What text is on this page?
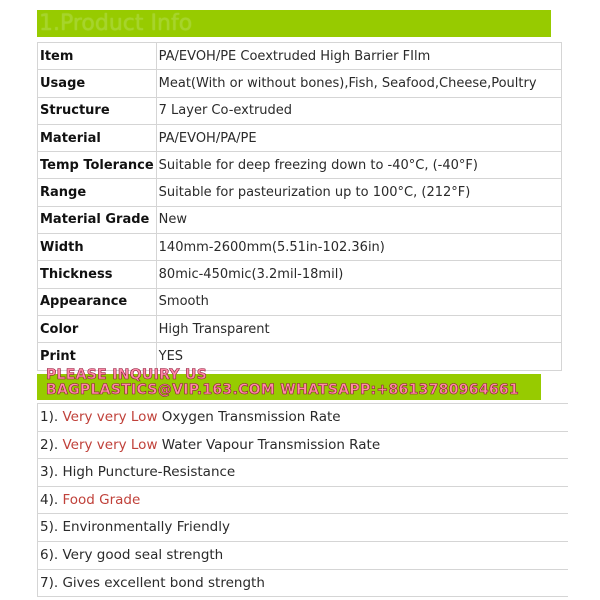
1.Product Info
Item	PA/EVOH/PE Coextruded High Barrier FIlm
Usage	Meat(With or without bones),Fish, Seafood,Cheese,Poultry
Structure	7 Layer Co-extruded
Material	PA/EVOH/PA/PE
Temp Tolerance	Suitable for deep freezing down to -40°C, (-40°F)
Range	Suitable for pasteurization up to 100°C, (212°F)
Material Grade	New
Width	140mm-2600mm(5.51in-102.36in)
Thickness	80mic-450mic(3.2mil-18mil)
Appearance	Smooth
Color	High Transparent
Print	YES
PLEASE INQUIRY US
BAGPLASTICS@VIP.163.COM WHATSAPP:+8613780964661
1). Very very Low Oxygen Transmission Rate
2). Very very Low Water Vapour Transmission Rate
3). High Puncture-Resistance
4). Food Grade
5). Environmentally Friendly
6). Very good seal strength
7). Gives excellent bond strength
